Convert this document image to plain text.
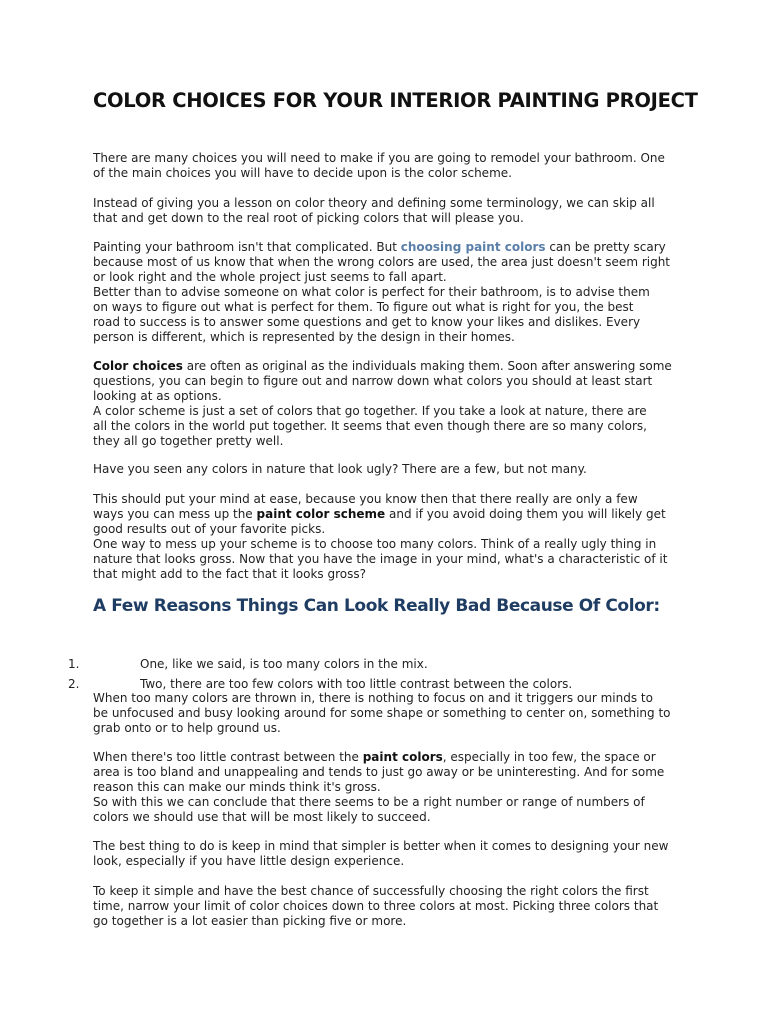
COLOR CHOICES FOR YOUR INTERIOR PAINTING PROJECT
There are many choices you will need to make if you are going to remodel your bathroom. One
of the main choices you will have to decide upon is the color scheme.
Instead of giving you a lesson on color theory and defining some terminology, we can skip all
that and get down to the real root of picking colors that will please you.
Painting your bathroom isn't that complicated. But choosing paint colors can be pretty scary
because most of us know that when the wrong colors are used, the area just doesn't seem right
or look right and the whole project just seems to fall apart.
Better than to advise someone on what color is perfect for their bathroom, is to advise them
on ways to figure out what is perfect for them. To figure out what is right for you, the best
road to success is to answer some questions and get to know your likes and dislikes. Every
person is different, which is represented by the design in their homes.
Color choices are often as original as the individuals making them. Soon after answering some
questions, you can begin to figure out and narrow down what colors you should at least start
looking at as options.
A color scheme is just a set of colors that go together. If you take a look at nature, there are
all the colors in the world put together. It seems that even though there are so many colors,
they all go together pretty well.
Have you seen any colors in nature that look ugly? There are a few, but not many.
This should put your mind at ease, because you know then that there really are only a few
ways you can mess up the paint color scheme and if you avoid doing them you will likely get
good results out of your favorite picks.
One way to mess up your scheme is to choose too many colors. Think of a really ugly thing in
nature that looks gross. Now that you have the image in your mind, what's a characteristic of it
that might add to the fact that it looks gross?
A Few Reasons Things Can Look Really Bad Because Of Color:
1.	One, like we said, is too many colors in the mix.
2.	Two, there are too few colors with too little contrast between the colors.
When too many colors are thrown in, there is nothing to focus on and it triggers our minds to
be unfocused and busy looking around for some shape or something to center on, something to
grab onto or to help ground us.
When there's too little contrast between the paint colors, especially in too few, the space or
area is too bland and unappealing and tends to just go away or be uninteresting. And for some
reason this can make our minds think it's gross.
So with this we can conclude that there seems to be a right number or range of numbers of
colors we should use that will be most likely to succeed.
The best thing to do is keep in mind that simpler is better when it comes to designing your new
look, especially if you have little design experience.
To keep it simple and have the best chance of successfully choosing the right colors the first
time, narrow your limit of color choices down to three colors at most. Picking three colors that
go together is a lot easier than picking five or more.
